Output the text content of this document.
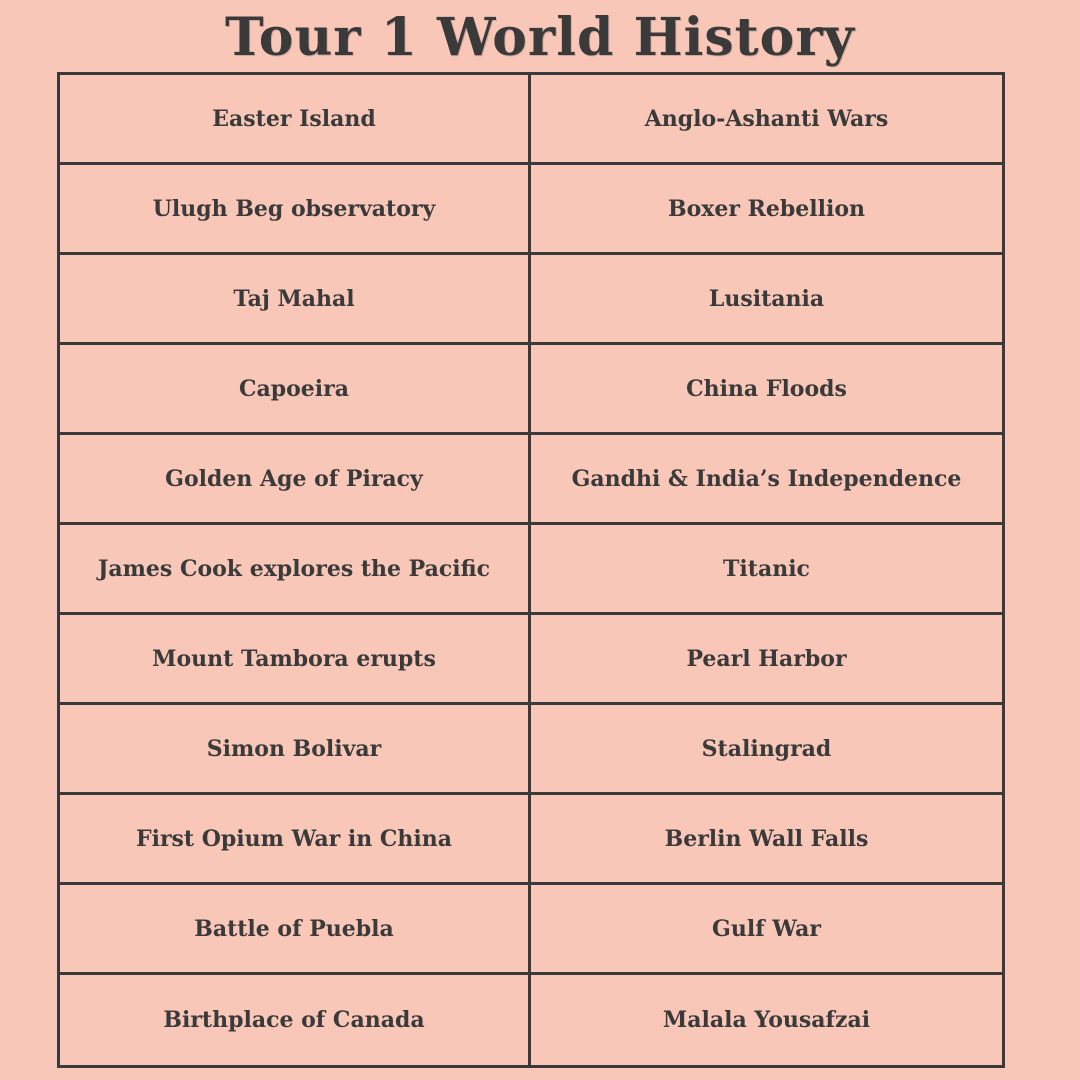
Tour 1 World History
Easter Island	Anglo-Ashanti Wars
Ulugh Beg observatory	Boxer Rebellion
Taj Mahal	Lusitania
Capoeira	China Floods
Golden Age of Piracy	Gandhi & India’s Independence
James Cook explores the Pacific	Titanic
Mount Tambora erupts	Pearl Harbor
Simon Bolivar	Stalingrad
First Opium War in China	Berlin Wall Falls
Battle of Puebla	Gulf War
Birthplace of Canada	Malala Yousafzai
